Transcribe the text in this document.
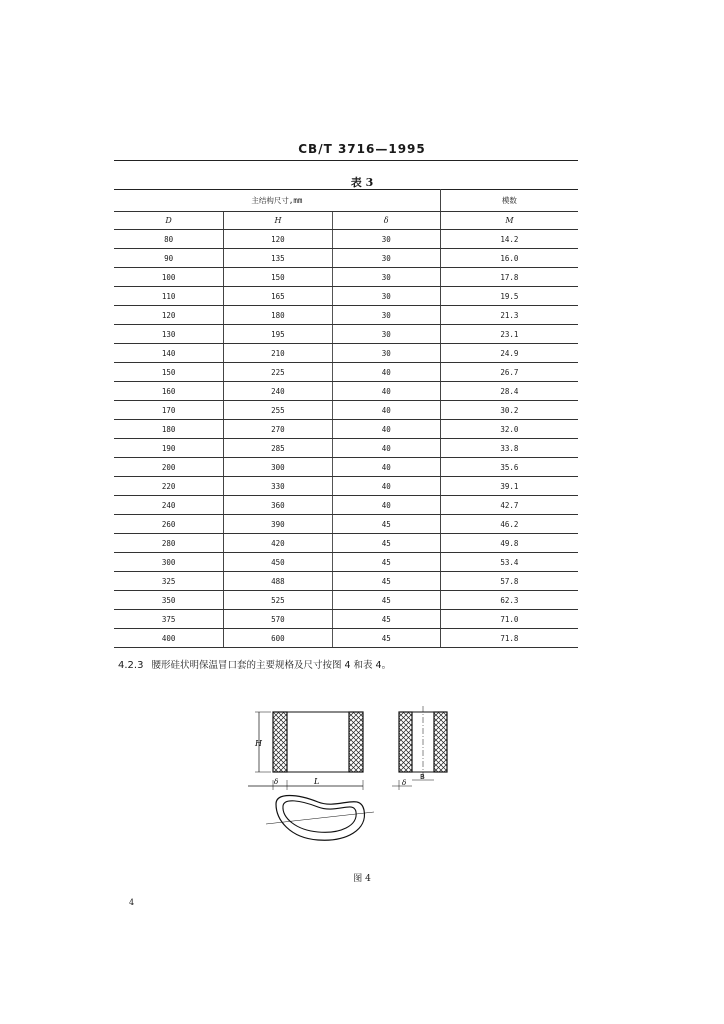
CB/T 3716—1995
表 3
主结构尺寸,mm			模数
D	H	δ	M
80	120	30	14.2
90	135	30	16.0
100	150	30	17.8
110	165	30	19.5
120	180	30	21.3
130	195	30	23.1
140	210	30	24.9
150	225	40	26.7
160	240	40	28.4
170	255	40	30.2
180	270	40	32.0
190	285	40	33.8
200	300	40	35.6
220	330	40	39.1
240	360	40	42.7
260	390	45	46.2
280	420	45	49.8
300	450	45	53.4
325	488	45	57.8
350	525	45	62.3
375	570	45	71.0
400	600	45	71.8
4.2.3 腰形硅状明保温冒口套的主要规格及尺寸按图 4 和表 4。
H
δ	L	B
δ
图 4
4
